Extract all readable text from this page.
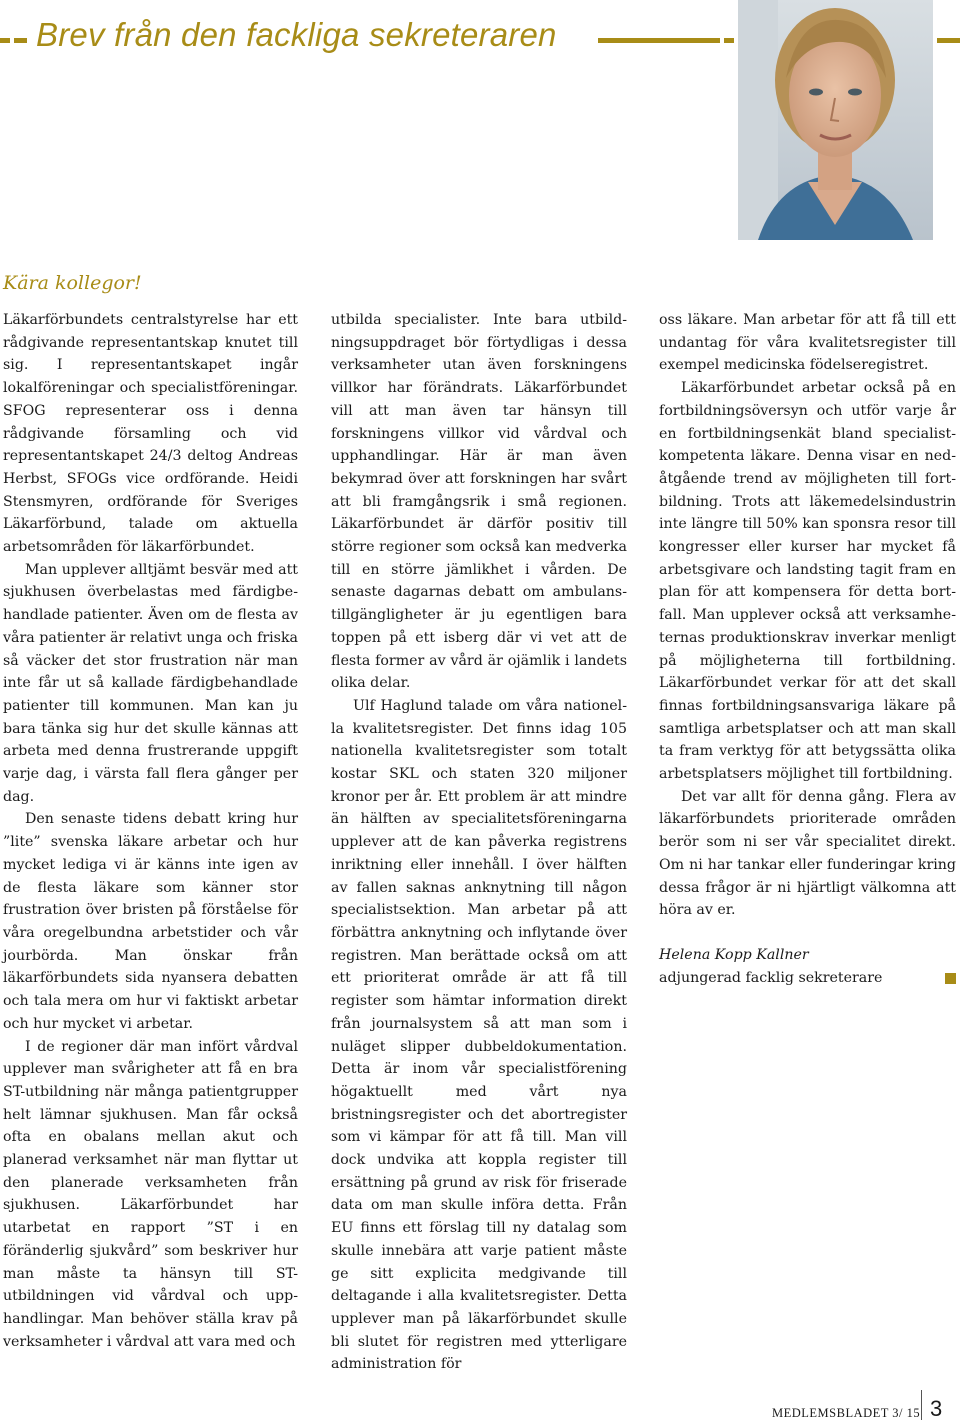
Brev från den fackliga sekreteraren
Kära kollegor!

Läkarförbundets centralstyrelse har ett rådgivande representantskap knutet till sig. I representantskapet ingår lokalföreningar och specialistföreningar. SFOG representerar oss i denna rådgivande församling och vid representantskapet 24/3 deltog Andreas Herbst, SFOGs vice ordförande. Heidi Stensmyren, ordförande för Sveriges Läkarförbund, talade om aktuella arbetsområden för läkarförbundet.

Man upplever alltjämt besvär med att sjukhusen överbelastas med färdigbehandlade patienter. Även om de flesta av våra patienter är relativt unga och friska så väcker det stor frustration när man inte får ut så kallade färdigbehandlade patienter till kommunen. Man kan ju bara tänka sig hur det skulle kännas att arbeta med denna frustrerande uppgift varje dag, i värsta fall flera gånger per dag.

Den senaste tidens debatt kring hur ”lite” svenska läkare arbetar och hur mycket lediga vi är känns inte igen av de flesta läkare som känner stor frustration över bristen på förståelse för våra oregelbundna arbetstider och vår jourbörda. Man önskar från läkarförbundets sida nyansera debatten och tala mera om hur vi faktiskt arbetar och hur mycket vi arbetar.

I de regioner där man infört vårdval upplever man svårigheter att få en bra ST-utbildning när många patientgrupper helt lämnar sjukhusen. Man får också ofta en obalans mellan akut och planerad verksamhet när man flyttar ut den planerade verksamheten från sjukhusen. Läkarförbundet har utarbetat en rapport ”ST i en föränderlig sjukvård” som beskriver hur man måste ta hänsyn till ST-utbildningen vid vårdval och upphandlingar. Man behöver ställa krav på verksamheter i vårdval att vara med och

utbilda specialister. Inte bara utbildningsuppdraget bör förtydligas i dessa verksamheter utan även forskningens villkor har förändrats. Läkarförbundet vill att man även tar hänsyn till forskningens villkor vid vårdval och upphandlingar. Här är man även bekymrad över att forskningen har svårt att bli framgångsrik i små regionen. Läkarförbundet är därför positiv till större regioner som också kan medverka till en större jämlikhet i vården. De senaste dagarnas debatt om ambulanstillgängligheter är ju egentligen bara toppen på ett isberg där vi vet att de flesta former av vård är ojämlik i landets olika delar.

Ulf Haglund talade om våra nationella kvalitetsregister. Det finns idag 105 nationella kvalitetsregister som totalt kostar SKL och staten 320 miljoner kronor per år. Ett problem är att mindre än hälften av specialitetsföreningarna upplever att de kan påverka registrens inriktning eller innehåll. I över hälften av fallen saknas anknytning till någon specialistsektion. Man arbetar på att förbättra anknytning och inflytande över registren. Man berättade också om att ett prioriterat område är att få till register som hämtar information direkt från journalsystem så att man som i nuläget slipper dubbeldokumentation. Detta är inom vår specialistförening högaktuellt med vårt nya bristningsregister och det abortregister som vi kämpar för att få till. Man vill dock undvika att koppla register till ersättning på grund av risk för friserade data om man skulle införa detta. Från EU finns ett förslag till ny datalag som skulle innebära att varje patient måste ge sitt explicita medgivande till deltagande i alla kvalitetsregister. Detta upplever man på läkarförbundet skulle bli slutet för registren med ytterligare administration för

oss läkare. Man arbetar för att få till ett undantag för våra kvalitetsregister till exempel medicinska födelseregistret.

Läkarförbundet arbetar också på en fortbildningsöversyn och utför varje år en fortbildningsenkät bland specialistkompetenta läkare. Denna visar en nedåtgående trend av möjligheten till fortbildning. Trots att läkemedelsindustrin inte längre till 50% kan sponsra resor till kongresser eller kurser har mycket få arbetsgivare och landsting tagit fram en plan för att kompensera för detta bortfall. Man upplever också att verksamheternas produktionskrav inverkar menligt på möjligheterna till fortbildning. Läkarförbundet verkar för att det skall finnas fortbildningsansvariga läkare på samtliga arbetsplatser och att man skall ta fram verktyg för att betygssätta olika arbetsplatsers möjlighet till fortbildning.

Det var allt för denna gång. Flera av läkarförbundets prioriterade områden berör som ni ser vår specialitet direkt. Om ni har tankar eller funderingar kring dessa frågor är ni hjärtligt välkomna att höra av er.

Helena Kopp Kallner

adjungerad facklig sekreterare

MEDLEMSBLADET 3/ 15 3
